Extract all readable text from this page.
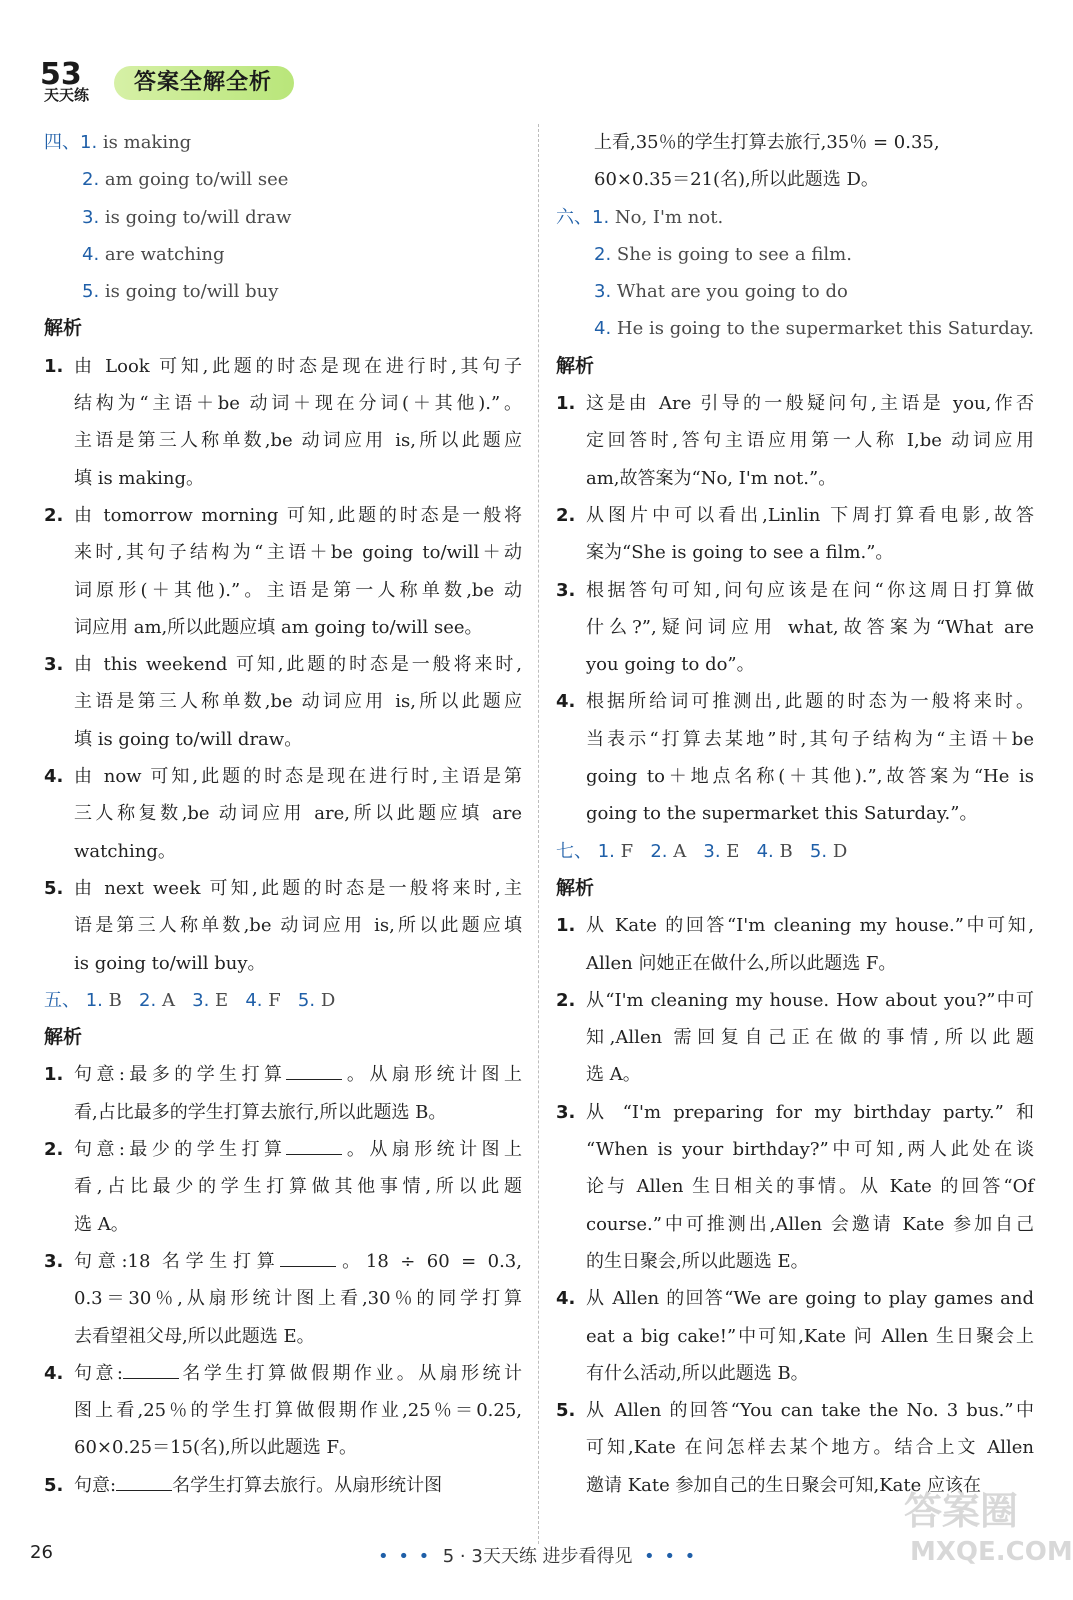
53
天天练	答案全解全析
四、1. is making
2. am going to/will see
3. is going to/will draw
4. are watching
5. is going to/will buy
解析
1. 由 Look 可知,此题的时态是现在进行时,其句子
结构为“主语＋be 动词＋现在分词(＋其他).”。
主语是第三人称单数,be 动词应用 is,所以此题应
填 is making。
2. 由 tomorrow morning 可知,此题的时态是一般将
来时,其句子结构为“主语＋be going to/will＋动
词原形(＋其他).”。主语是第一人称单数,be 动
词应用 am,所以此题应填 am going to/will see。
3. 由 this weekend 可知,此题的时态是一般将来时,
主语是第三人称单数,be 动词应用 is,所以此题应
填 is going to/will draw。
4. 由 now 可知,此题的时态是现在进行时,主语是第
三人称复数,be 动词应用 are,所以此题应填 are
watching。
5. 由 next week 可知,此题的时态是一般将来时,主
语是第三人称单数,be 动词应用 is,所以此题应填
is going to/will buy。
五、 1. B 2. A 3. E 4. F 5. D
解析
1. 句意:最多的学生打算	。从扇形统计图上
看,占比最多的学生打算去旅行,所以此题选 B。
2. 句意:最少的学生打算	。从扇形统计图上
看,占比最少的学生打算做其他事情,所以此题
选 A。
3. 句意:18 名学生打算	。18 ÷ 60 = 0.3,
0.3＝30％,从扇形统计图上看,30％的同学打算
去看望祖父母,所以此题选 E。
4. 句意:	名学生打算做假期作业。从扇形统计
图上看,25％的学生打算做假期作业,25％＝0.25,
60×0.25＝15(名),所以此题选 F。
5. 句意:	名学生打算去旅行。从扇形统计图
上看,35％的学生打算去旅行,35％ = 0.35,
60×0.35＝21(名),所以此题选 D。
六、1. No, I'm not.
2. She is going to see a film.
3. What are you going to do
4. He is going to the supermarket this Saturday.
解析
1. 这是由 Are 引导的一般疑问句,主语是 you,作否
定回答时,答句主语应用第一人称 I,be 动词应用
am,故答案为“No, I'm not.”。
2. 从图片中可以看出,Linlin 下周打算看电影,故答
案为“She is going to see a film.”。
3. 根据答句可知,问句应该是在问“你这周日打算做
什么?”,疑问词应用 what,故答案为“What are
you going to do”。
4. 根据所给词可推测出,此题的时态为一般将来时。
当表示“打算去某地”时,其句子结构为“主语＋be
going to＋地点名称(＋其他).”,故答案为“He is
going to the supermarket this Saturday.”。
七、 1. F 2. A 3. E 4. B 5. D
解析
1. 从 Kate 的回答“I'm cleaning my house.”中可知,
Allen 问她正在做什么,所以此题选 F。
2. 从“I'm cleaning my house. How about you?”中可
知,Allen 需回复自己正在做的事情,所以此题
选 A。
3. 从 “I'm preparing for my birthday party.” 和
“When is your birthday?”中可知,两人此处在谈
论与 Allen 生日相关的事情。从 Kate 的回答“Of
course.”中可推测出,Allen 会邀请 Kate 参加自己
的生日聚会,所以此题选 E。
4. 从 Allen 的回答“We are going to play games and
eat a big cake!”中可知,Kate 问 Allen 生日聚会上
有什么活动,所以此题选 B。
5. 从 Allen 的回答“You can take the No. 3 bus.”中
可知,Kate 在问怎样去某个地方。结合上文 Allen
邀请 Kate 参加自己的生日聚会可知,Kate 应该在
26	• • • 5 · 3天天练 进步看得见 • • •
答案圈
MXQE.COM
